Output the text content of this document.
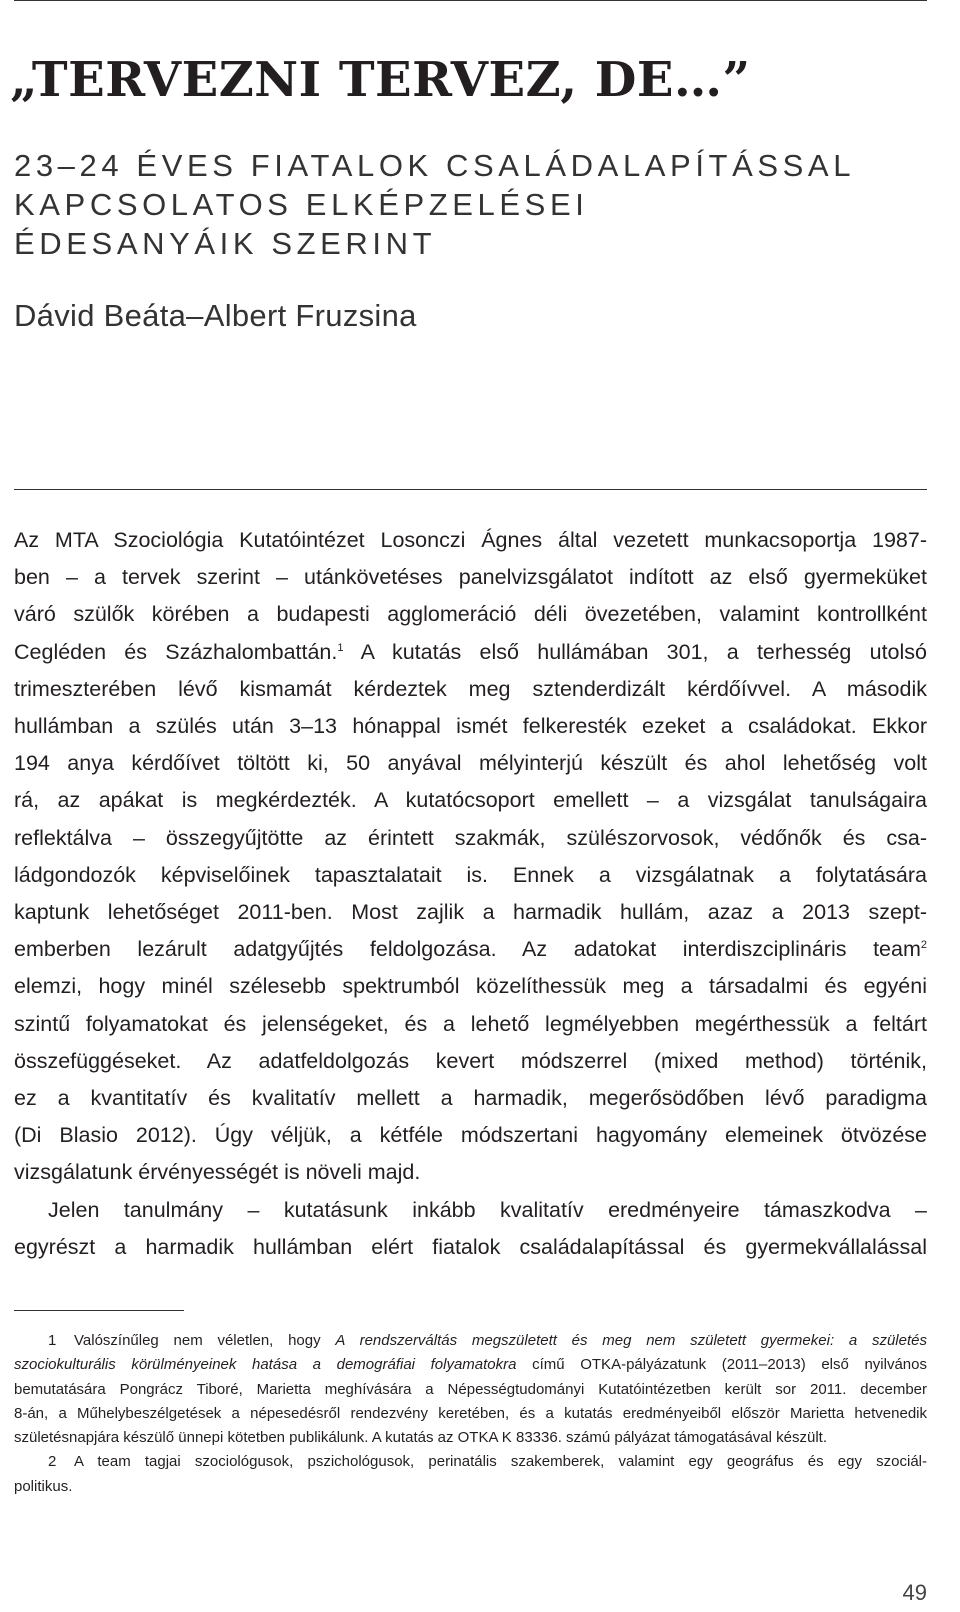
„TERVEZNI TERVEZ, DE…”
23–24 ÉVES FIATALOK CSALÁDALAPÍTÁSSAL
KAPCSOLATOS ELKÉPZELÉSEI
ÉDESANYÁIK SZERINT

Dávid Beáta–Albert Fruzsina

Az MTA Szociológia Kutatóintézet Losonczi Ágnes által vezetett munkacsoportja 1987-
ben – a tervek szerint – utánkövetéses panelvizsgálatot indított az első gyermeküket
váró szülők körében a budapesti agglomeráció déli övezetében, valamint kontrollként
Cegléden és Százhalombattán.$^1$ A kutatás első hullámában 301, a terhesség utolsó
trimeszterében lévő kismamát kérdeztek meg sztenderdizált kérdőívvel. A második
hullámban a szülés után 3–13 hónappal ismét felkeresték ezeket a családokat. Ekkor
194 anya kérdőívet töltött ki, 50 anyával mélyinterjú készült és ahol lehetőség volt
rá, az apákat is megkérdezték. A kutatócsoport emellett – a vizsgálat tanulságaira
reflektálva – összegyűjtötte az érintett szakmák, szülészorvosok, védőnők és csa-
ládgondozók képviselőinek tapasztalatait is. Ennek a vizsgálatnak a folytatására
kaptunk lehetőséget 2011-ben. Most zajlik a harmadik hullám, azaz a 2013 szept-
emberben lezárult adatgyűjtés feldolgozása. Az adatokat interdiszciplináris team$^2$
elemzi, hogy minél szélesebb spektrumból közelíthessük meg a társadalmi és egyéni
szintű folyamatokat és jelenségeket, és a lehető legmélyebben megérthessük a feltárt
összefüggéseket. Az adatfeldolgozás kevert módszerrel (mixed method) történik,
ez a kvantitatív és kvalitatív mellett a harmadik, megerősödőben lévő paradigma
(Di Blasio 2012). Úgy véljük, a kétféle módszertani hagyomány elemeinek ötvözése
vizsgálatunk érvényességét is növeli majd.
Jelen tanulmány – kutatásunk inkább kvalitatív eredményeire támaszkodva –
egyrészt a harmadik hullámban elért fiatalok családalapítással és gyermekvállalással
1 Valószínűleg nem véletlen, hogy A rendszerváltás megszületett és meg nem született gyermekei: a születés
szociokulturális körülményeinek hatása a demográfiai folyamatokra című OTKA-pályázatunk (2011–2013) első nyilvános
bemutatására Pongrácz Tiboré, Marietta meghívására a Népességtudományi Kutatóintézetben került sor 2011. december
8-án, a Műhelybeszélgetések a népesedésről rendezvény keretében, és a kutatás eredményeiből először Marietta hetvenedik
születésnapjára készülő ünnepi kötetben publikálunk. A kutatás az OTKA K 83336. számú pályázat támogatásával készült.
2 A team tagjai szociológusok, pszichológusok, perinatális szakemberek, valamint egy geográfus és egy szociál-
politikus.
49
